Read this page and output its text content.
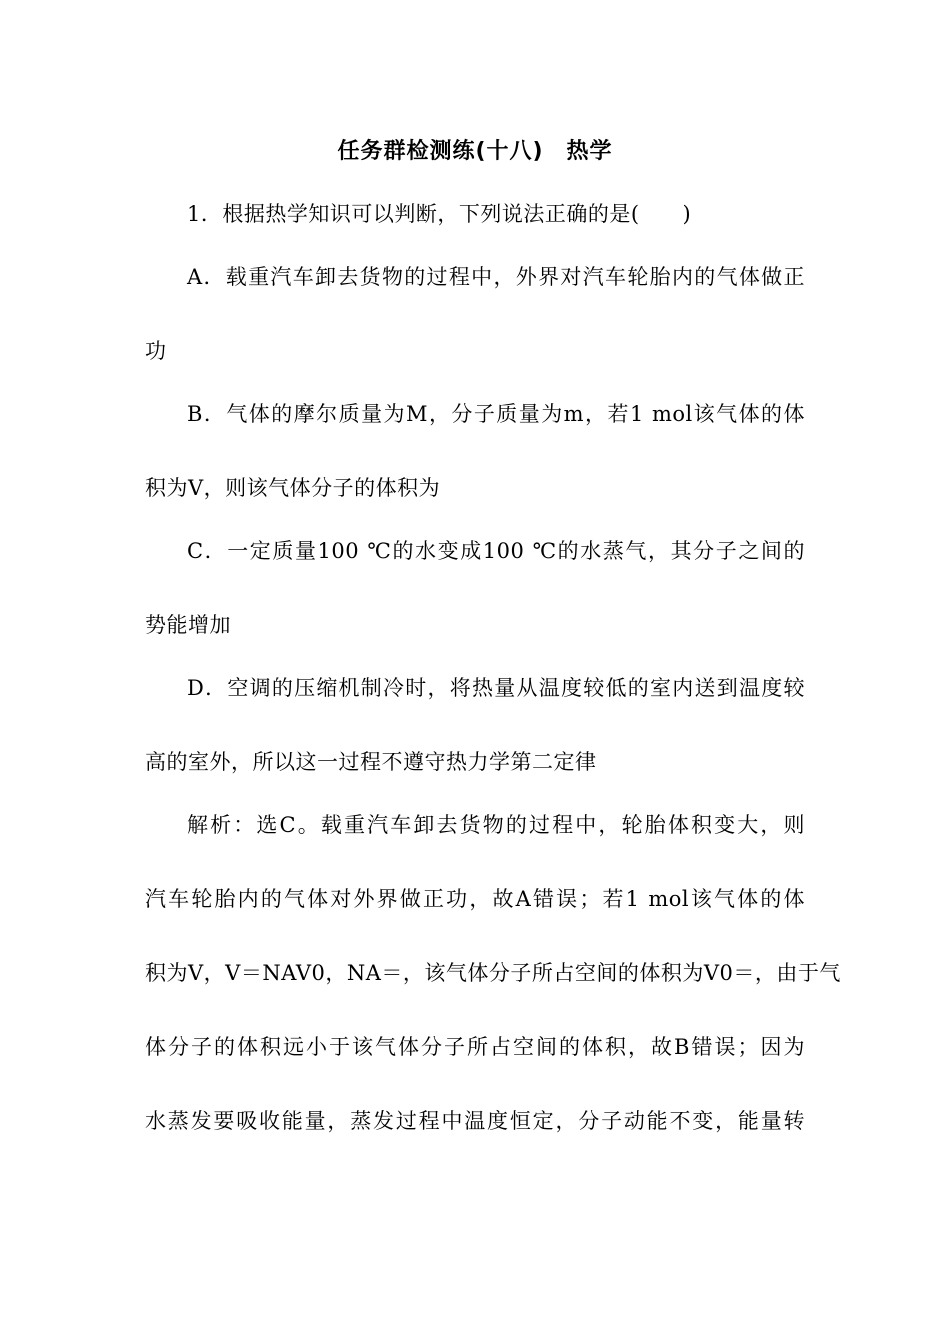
任务群检测练(十八)　热学
1．根据热学知识可以判断，下列说法正确的是(　　)
A．载重汽车卸去货物的过程中，外界对汽车轮胎内的气体做正
功
B．气体的摩尔质量为M，分子质量为m，若1 mol该气体的体
积为V，则该气体分子的体积为
C．一定质量100 ℃的水变成100 ℃的水蒸气，其分子之间的
势能增加
D．空调的压缩机制冷时，将热量从温度较低的室内送到温度较
高的室外，所以这一过程不遵守热力学第二定律
解析：选C。载重汽车卸去货物的过程中，轮胎体积变大，则
汽车轮胎内的气体对外界做正功，故A错误；若1 mol该气体的体
积为V，V＝NAV0，NA＝，该气体分子所占空间的体积为V0＝，由于气
体分子的体积远小于该气体分子所占空间的体积，故B错误；因为
水蒸发要吸收能量，蒸发过程中温度恒定，分子动能不变，能量转
